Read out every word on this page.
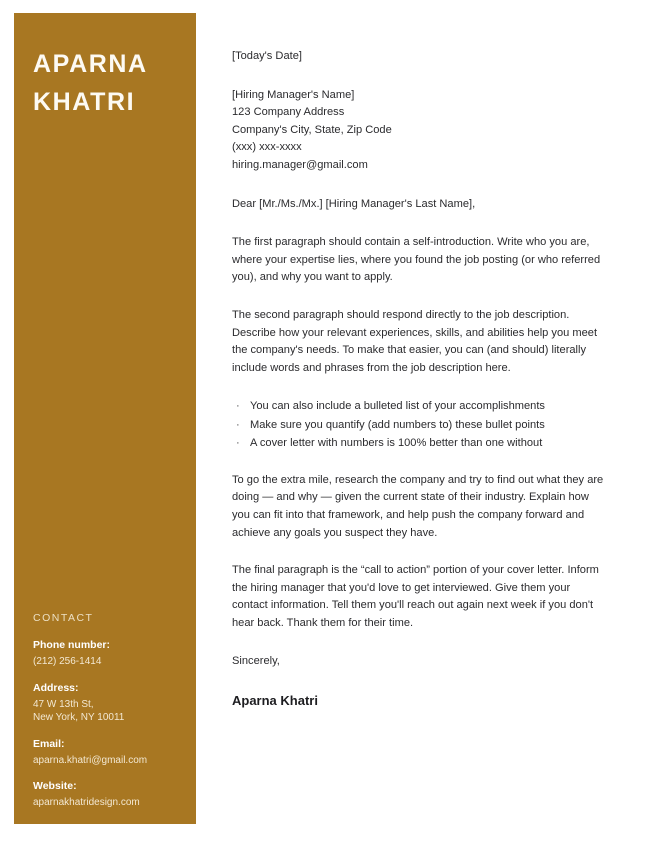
APARNA
KHATRI
CONTACT
Phone number:
(212) 256-1414
Address:
47 W 13th St,
New York, NY 10011
Email:
aparna.khatri@gmail.com
Website:
aparnakhatridesign.com
[Today's Date]
[Hiring Manager's Name]
123 Company Address
Company's City, State, Zip Code
(xxx) xxx-xxxx
hiring.manager@gmail.com
Dear [Mr./Ms./Mx.] [Hiring Manager's Last Name],
The first paragraph should contain a self-introduction. Write who you are, where your expertise lies, where you found the job posting (or who referred you), and why you want to apply.
The second paragraph should respond directly to the job description. Describe how your relevant experiences, skills, and abilities help you meet the company's needs. To make that easier, you can (and should) literally include words and phrases from the job description here.
· You can also include a bulleted list of your accomplishments
· Make sure you quantify (add numbers to) these bullet points
· A cover letter with numbers is 100% better than one without
To go the extra mile, research the company and try to find out what they are doing — and why — given the current state of their industry. Explain how you can fit into that framework, and help push the company forward and achieve any goals you suspect they have.
The final paragraph is the “call to action” portion of your cover letter. Inform the hiring manager that you'd love to get interviewed. Give them your contact information. Tell them you'll reach out again next week if you don't hear back. Thank them for their time.
Sincerely,
Aparna Khatri
